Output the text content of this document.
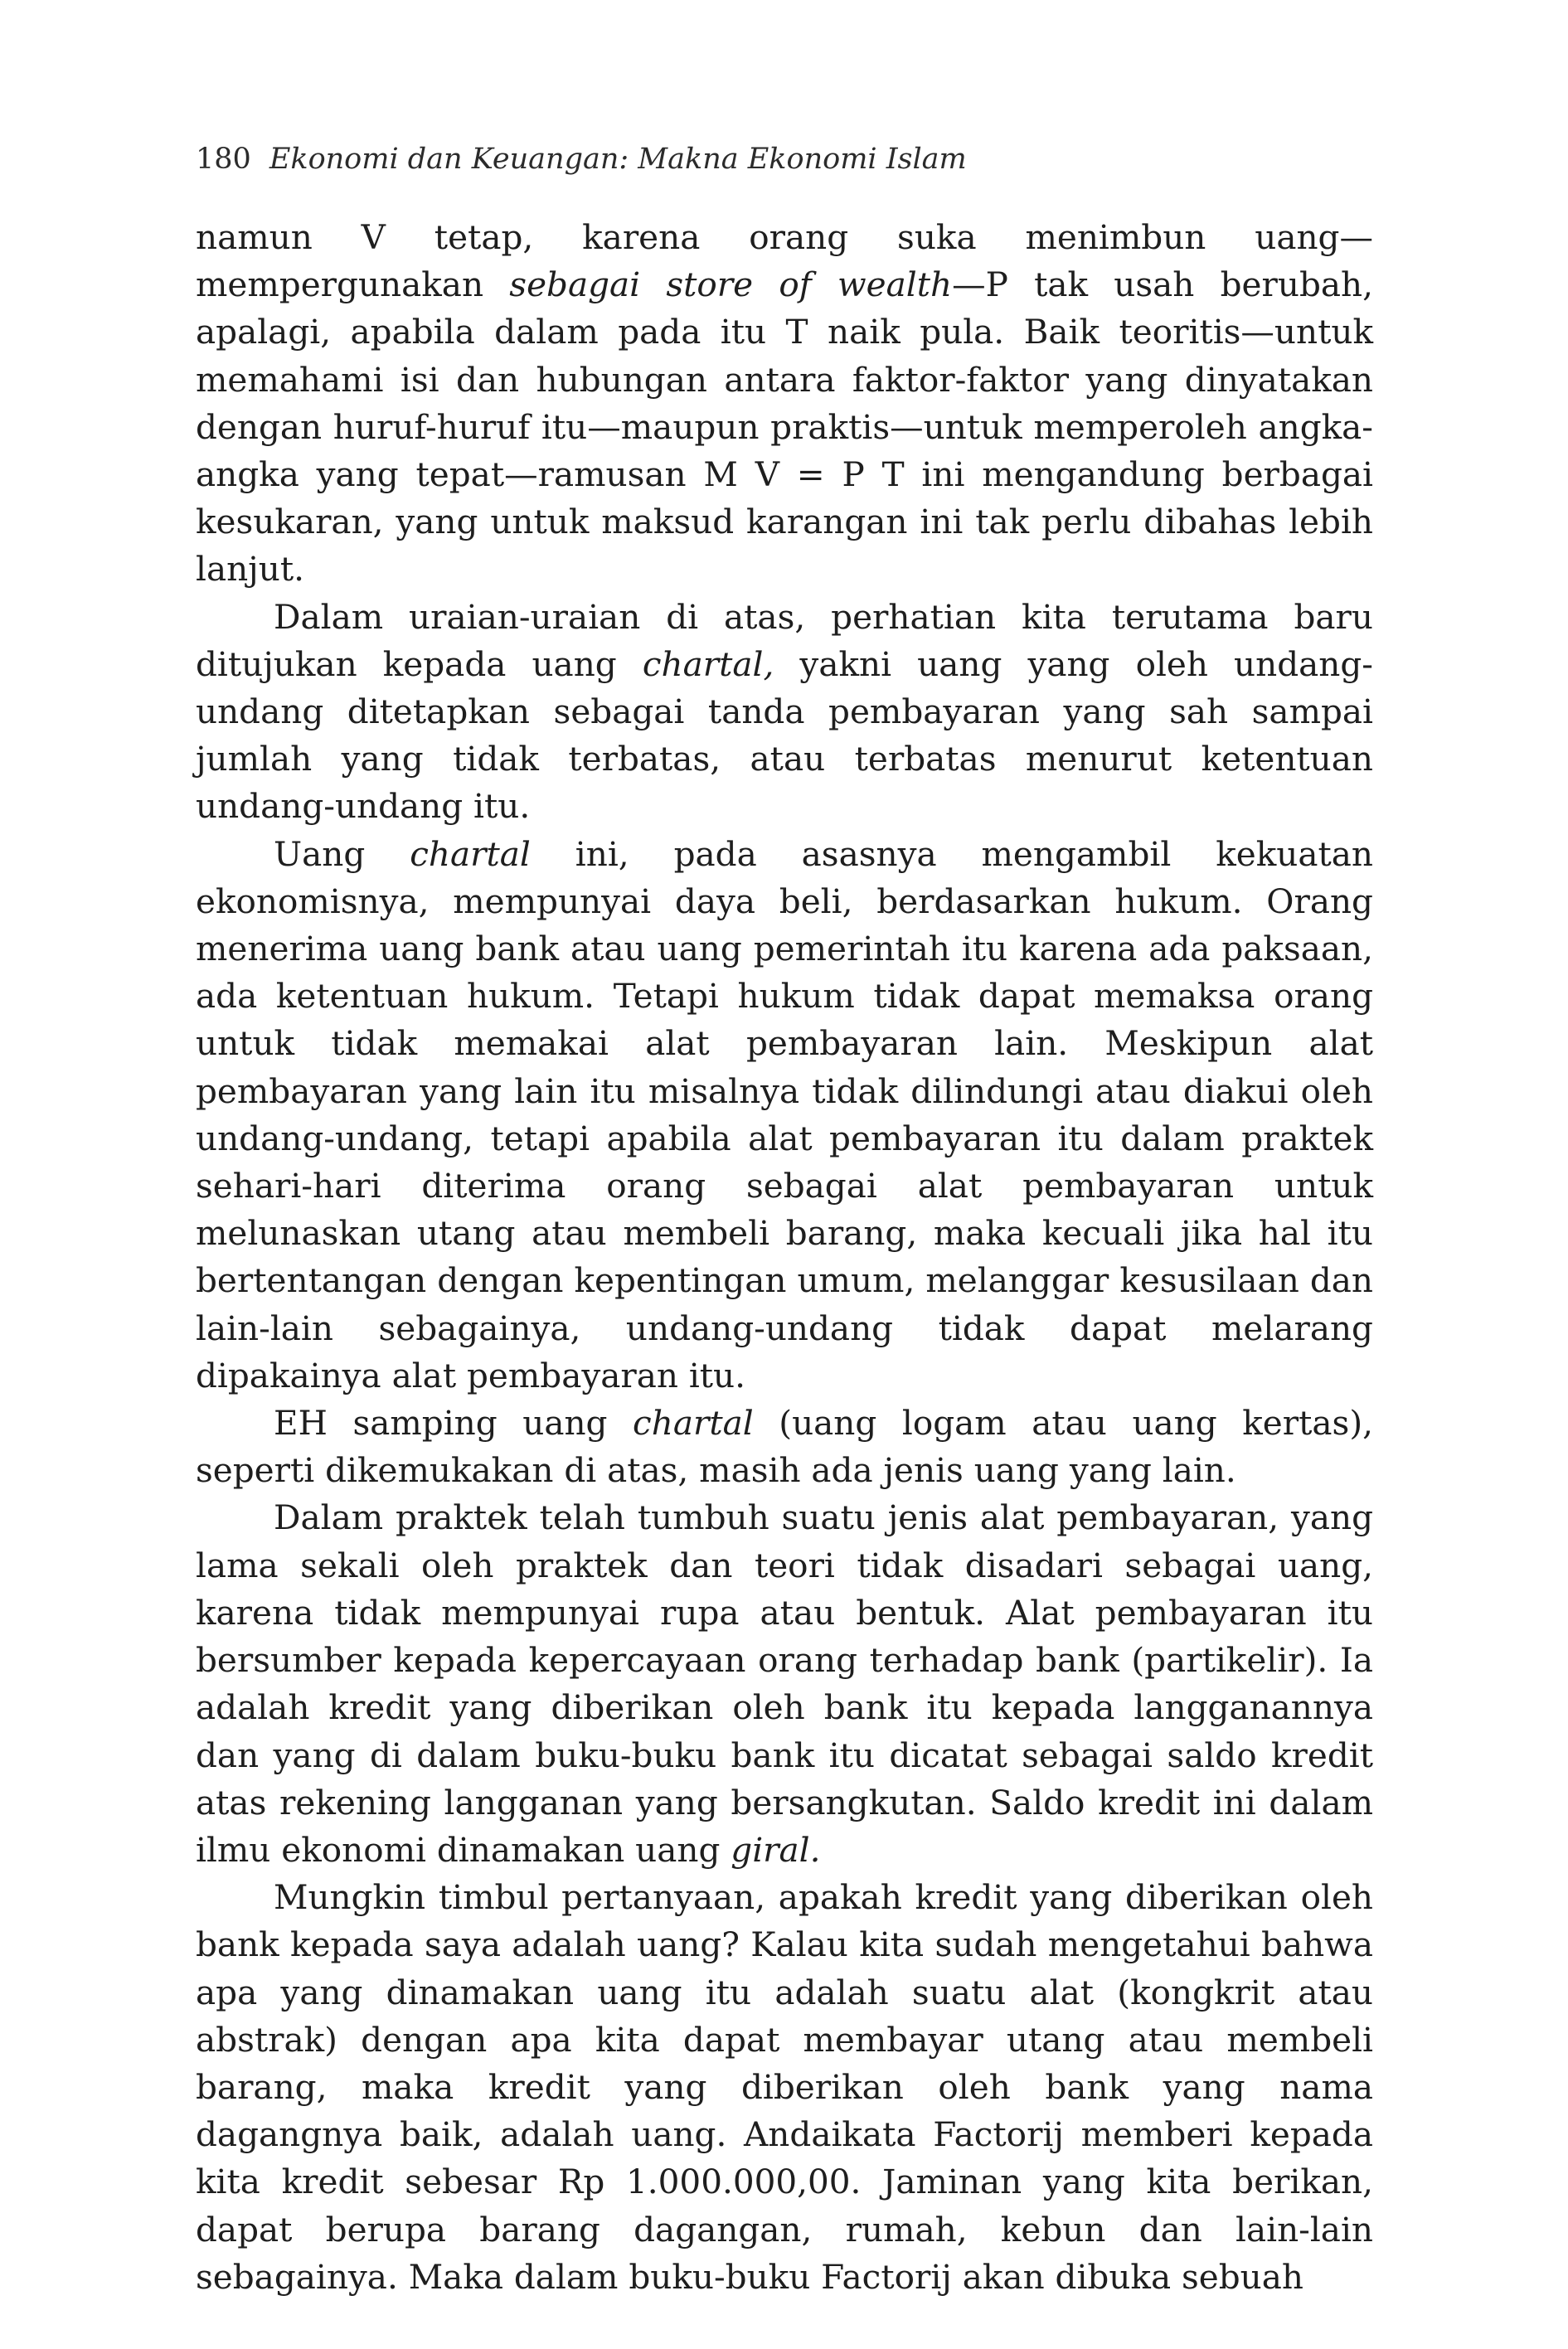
180 Ekonomi dan Keuangan: Makna Ekonomi Islam

namun V tetap, karena orang suka menimbun uang—mempergunakan sebagai store of wealth—P tak usah berubah, apalagi, apabila dalam pada itu T naik pula. Baik teoritis—untuk memahami isi dan hubungan antara faktor-faktor yang dinyatakan dengan huruf-huruf itu—maupun praktis—untuk memperoleh angka-angka yang tepat—ramusan M V = P T ini mengandung berbagai kesukaran, yang untuk maksud karangan ini tak perlu dibahas lebih lanjut.

Dalam uraian-uraian di atas, perhatian kita terutama baru ditujukan kepada uang chartal, yakni uang yang oleh undang-undang ditetapkan sebagai tanda pembayaran yang sah sampai jumlah yang tidak terbatas, atau terbatas menurut ketentuan undang-undang itu.

Uang chartal ini, pada asasnya mengambil kekuatan ekonomisnya, mempunyai daya beli, berdasarkan hukum. Orang menerima uang bank atau uang pemerintah itu karena ada paksaan, ada ketentuan hukum. Tetapi hukum tidak dapat memaksa orang untuk tidak memakai alat pembayaran lain. Meskipun alat pembayaran yang lain itu misalnya tidak dilindungi atau diakui oleh undang-undang, tetapi apabila alat pembayaran itu dalam praktek sehari-hari diterima orang sebagai alat pembayaran untuk melunaskan utang atau membeli barang, maka kecuali jika hal itu bertentangan dengan kepentingan umum, melanggar kesusilaan dan lain-lain sebagainya, undang-undang tidak dapat melarang dipakainya alat pembayaran itu.

EH samping uang chartal (uang logam atau uang kertas), seperti dikemukakan di atas, masih ada jenis uang yang lain.

Dalam praktek telah tumbuh suatu jenis alat pembayaran, yang lama sekali oleh praktek dan teori tidak disadari sebagai uang, karena tidak mempunyai rupa atau bentuk. Alat pembayaran itu bersumber kepada kepercayaan orang terhadap bank (partikelir). Ia adalah kredit yang diberikan oleh bank itu kepada langganannya dan yang di dalam buku-buku bank itu dicatat sebagai saldo kredit atas rekening langganan yang bersangkutan. Saldo kredit ini dalam ilmu ekonomi dinamakan uang giral.

Mungkin timbul pertanyaan, apakah kredit yang diberikan oleh bank kepada saya adalah uang? Kalau kita sudah mengetahui bahwa apa yang dinamakan uang itu adalah suatu alat (kongkrit atau abstrak) dengan apa kita dapat membayar utang atau membeli barang, maka kredit yang diberikan oleh bank yang nama dagangnya baik, adalah uang. Andaikata Factorij memberi kepada kita kredit sebesar Rp 1.000.000,00. Jaminan yang kita berikan, dapat berupa barang dagangan, rumah, kebun dan lain-lain sebagainya. Maka dalam buku-buku Factorij akan dibuka sebuah
